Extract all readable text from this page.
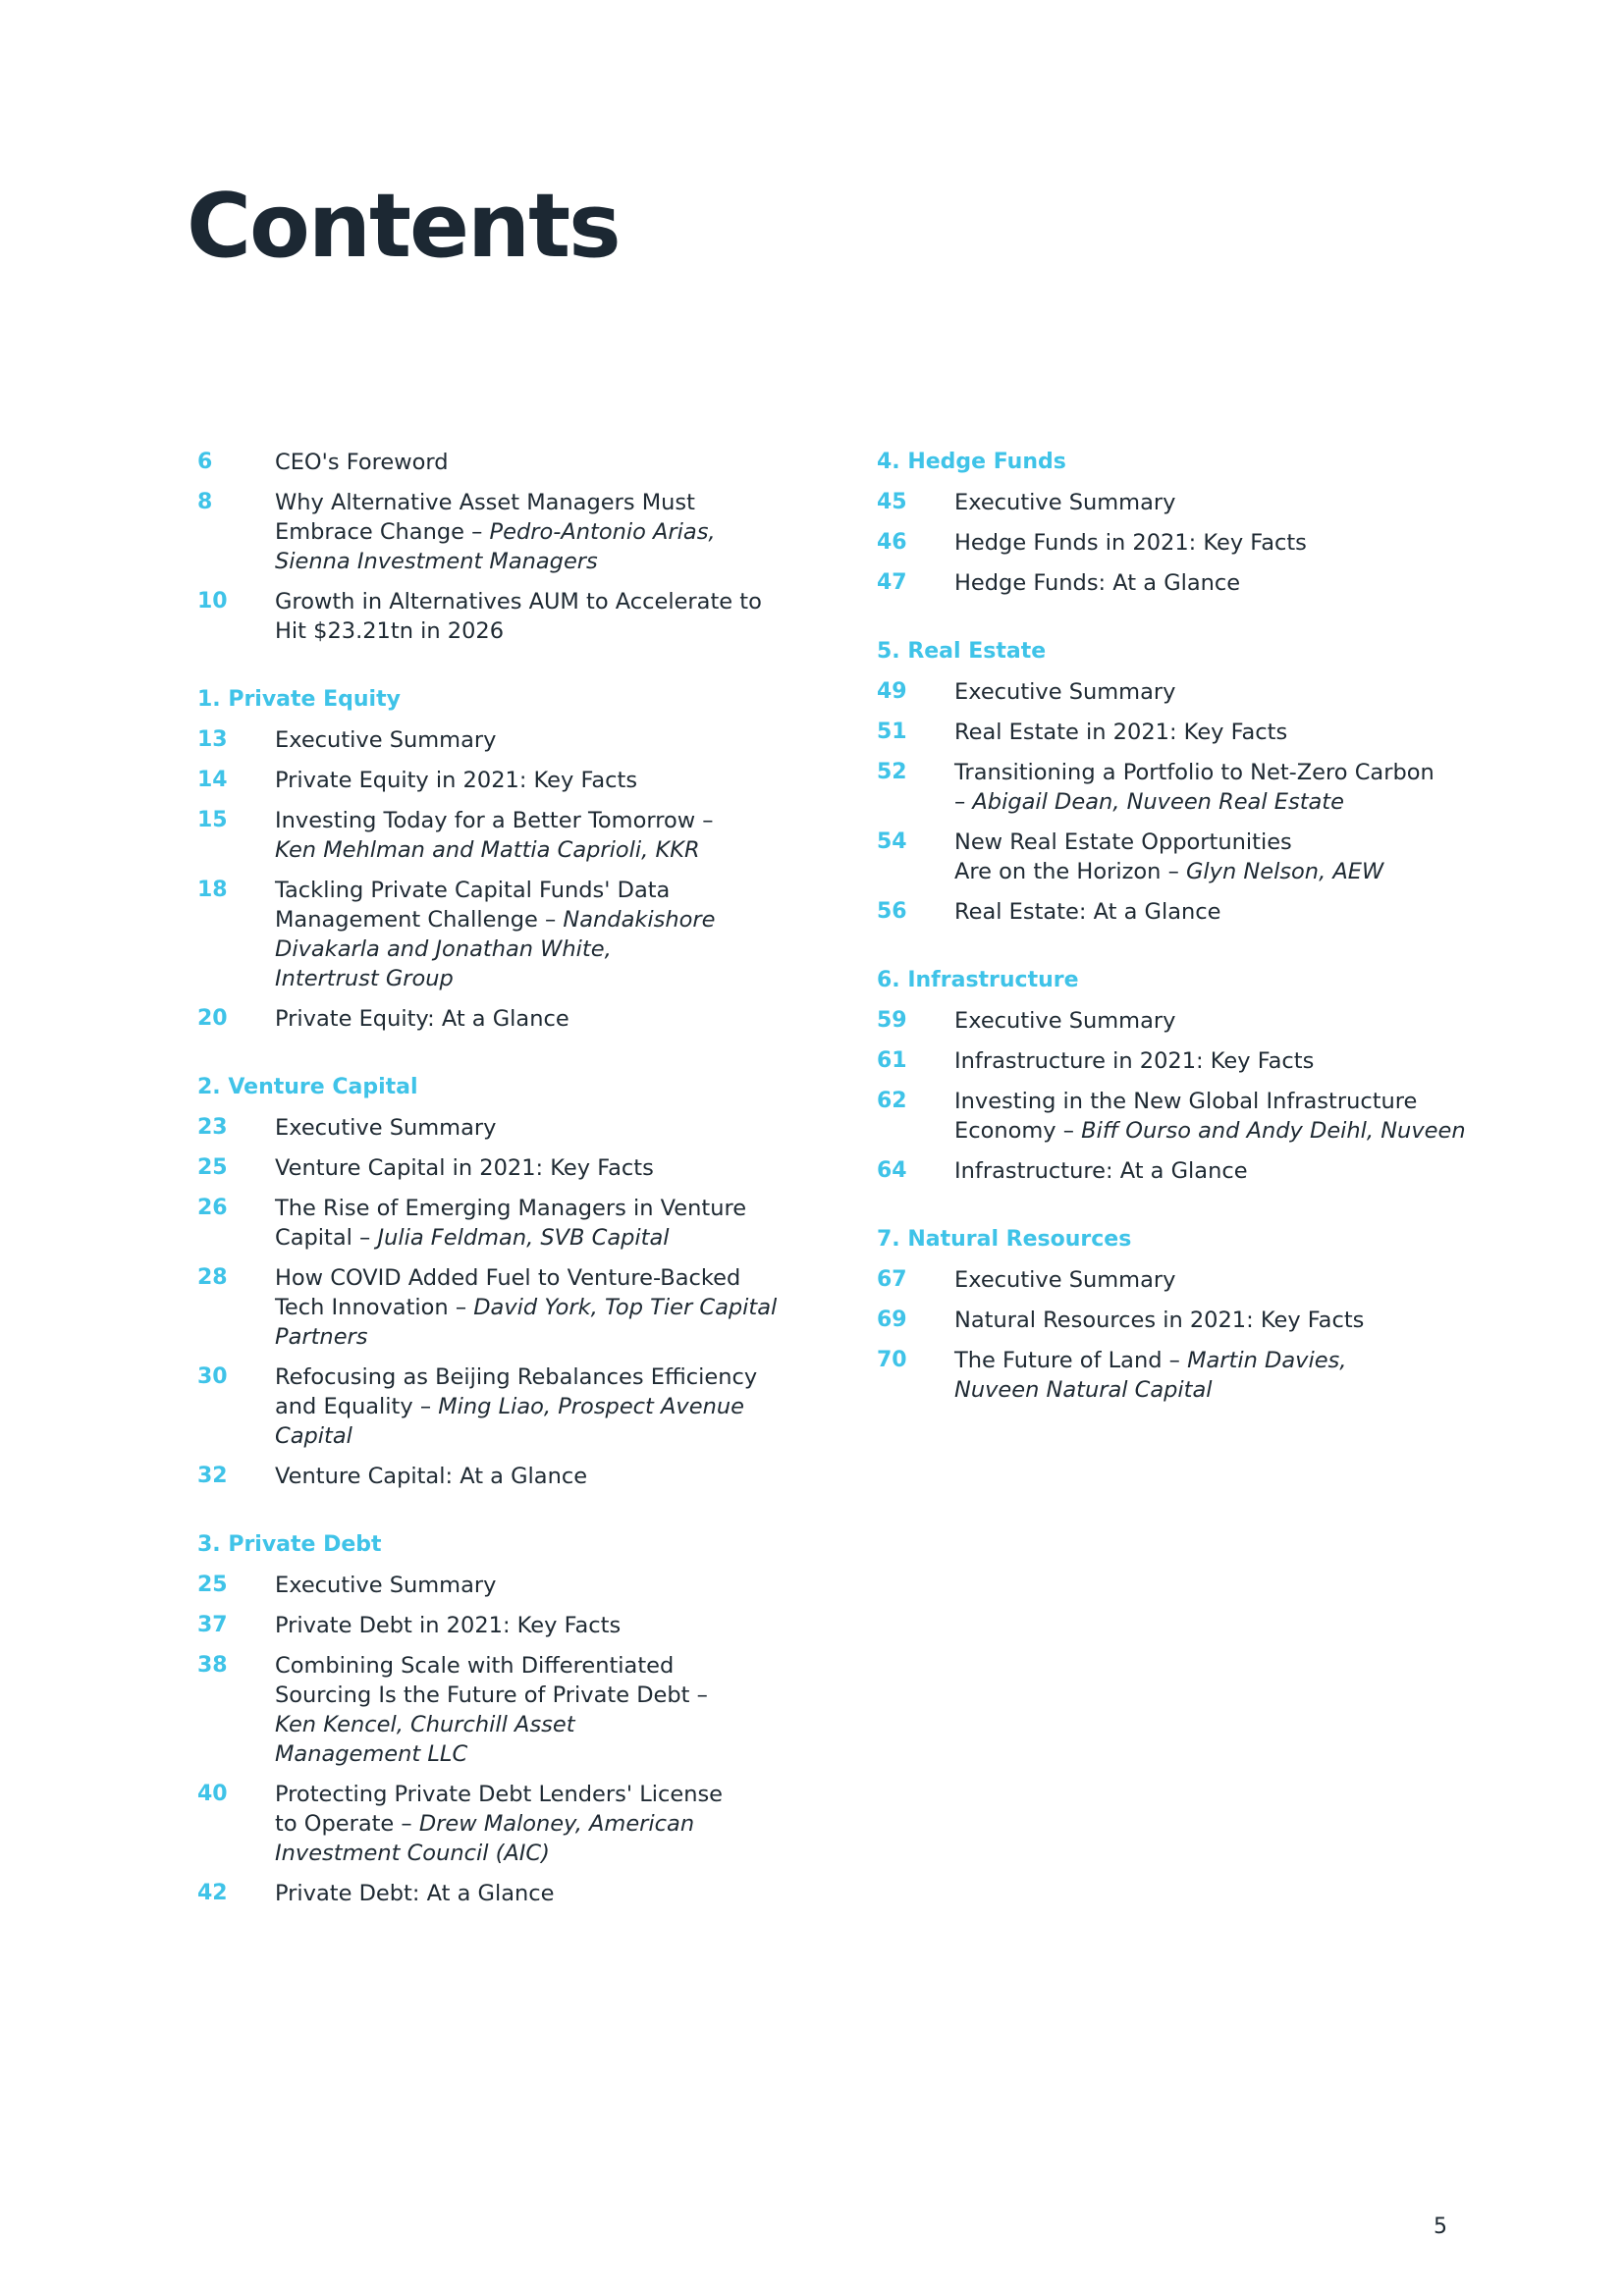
Contents
6	CEO's Foreword
8	Why Alternative Asset Managers Must
Embrace Change – Pedro-Antonio Arias,
Sienna Investment Managers
10	Growth in Alternatives AUM to Accelerate to
Hit $23.21tn in 2026
1. Private Equity
13	Executive Summary
14	Private Equity in 2021: Key Facts
15	Investing Today for a Better Tomorrow –
Ken Mehlman and Mattia Caprioli, KKR
18	Tackling Private Capital Funds' Data
Management Challenge – Nandakishore
Divakarla and Jonathan White,
Intertrust Group
20	Private Equity: At a Glance
2. Venture Capital
23	Executive Summary
25	Venture Capital in 2021: Key Facts
26	The Rise of Emerging Managers in Venture
Capital – Julia Feldman, SVB Capital
28	How COVID Added Fuel to Venture-Backed
Tech Innovation – David York, Top Tier Capital
Partners
30	Refocusing as Beijing Rebalances Efficiency
and Equality – Ming Liao, Prospect Avenue
Capital
32	Venture Capital: At a Glance
3. Private Debt
25	Executive Summary
37	Private Debt in 2021: Key Facts
38	Combining Scale with Differentiated
Sourcing Is the Future of Private Debt –
Ken Kencel, Churchill Asset
Management LLC
40	Protecting Private Debt Lenders' License
to Operate – Drew Maloney, American
Investment Council (AIC)
42	Private Debt: At a Glance
4. Hedge Funds
45	Executive Summary
46	Hedge Funds in 2021: Key Facts
47	Hedge Funds: At a Glance
5. Real Estate
49	Executive Summary
51	Real Estate in 2021: Key Facts
52	Transitioning a Portfolio to Net-Zero Carbon
– Abigail Dean, Nuveen Real Estate
54	New Real Estate Opportunities
Are on the Horizon – Glyn Nelson, AEW
56	Real Estate: At a Glance
6. Infrastructure
59	Executive Summary
61	Infrastructure in 2021: Key Facts
62	Investing in the New Global Infrastructure
Economy – Biff Ourso and Andy Deihl, Nuveen
64	Infrastructure: At a Glance
7. Natural Resources
67	Executive Summary
69	Natural Resources in 2021: Key Facts
70	The Future of Land – Martin Davies,
Nuveen Natural Capital
5
